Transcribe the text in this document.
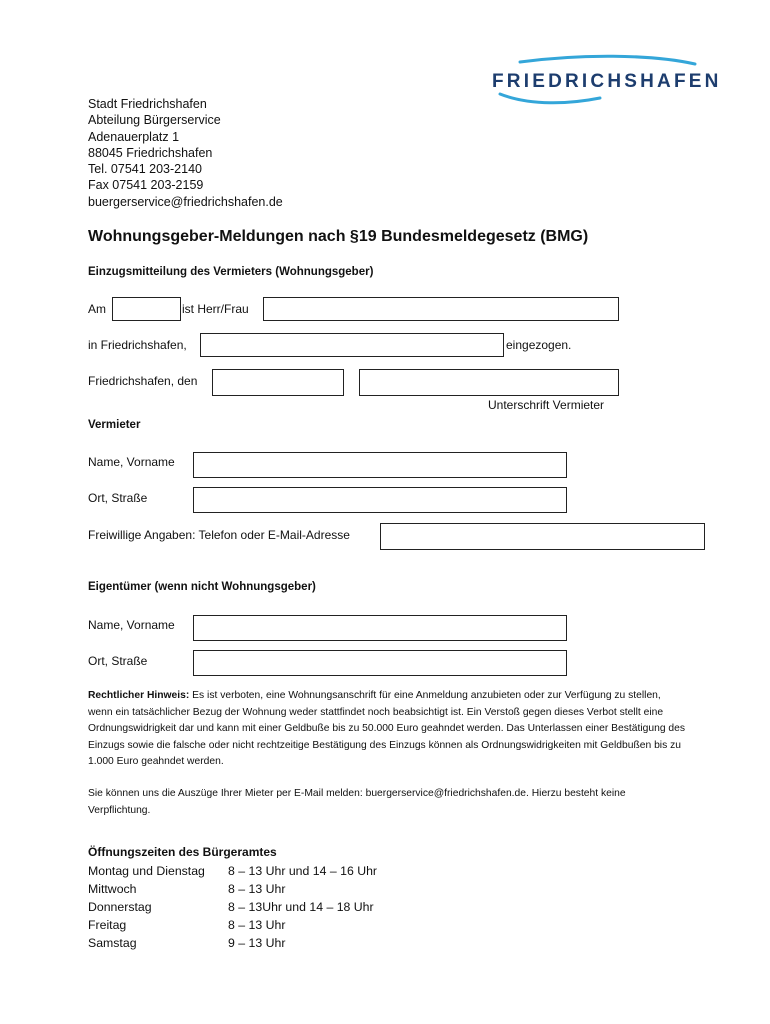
FRIEDRICHSHAFEN
Stadt Friedrichshafen
Abteilung Bürgerservice
Adenauerplatz 1
88045 Friedrichshafen
Tel. 07541 203-2140
Fax 07541 203-2159
buergerservice@friedrichshafen.de
Wohnungsgeber-Meldungen nach §19 Bundesmeldegesetz (BMG)
Einzugsmitteilung des Vermieters (Wohnungsgeber)
Am	ist Herr/Frau
in Friedrichshafen,	eingezogen.
Friedrichshafen, den
Unterschrift Vermieter
Vermieter
Name, Vorname
Ort, Straße
Freiwillige Angaben: Telefon oder E-Mail-Adresse
Eigentümer (wenn nicht Wohnungsgeber)
Name, Vorname
Ort, Straße
Rechtlicher Hinweis: Es ist verboten, eine Wohnungsanschrift für eine Anmeldung anzubieten oder zur Verfügung zu stellen, wenn ein tatsächlicher Bezug der Wohnung weder stattfindet noch beabsichtigt ist. Ein Verstoß gegen dieses Verbot stellt eine Ordnungswidrigkeit dar und kann mit einer Geldbuße bis zu 50.000 Euro geahndet werden. Das Unterlassen einer Bestätigung des Einzugs sowie die falsche oder nicht rechtzeitige Bestätigung des Einzugs können als Ordnungswidrigkeiten mit Geldbußen bis zu 1.000 Euro geahndet werden.
Sie können uns die Auszüge Ihrer Mieter per E-Mail melden: buergerservice@friedrichshafen.de. Hierzu besteht keine Verpflichtung.
Öffnungszeiten des Bürgeramtes
Montag und Dienstag 8 – 13 Uhr und 14 – 16 Uhr
Mittwoch	8 – 13 Uhr
Donnerstag	8 – 13Uhr und 14 – 18 Uhr
Freitag	8 – 13 Uhr
Samstag	9 – 13 Uhr
